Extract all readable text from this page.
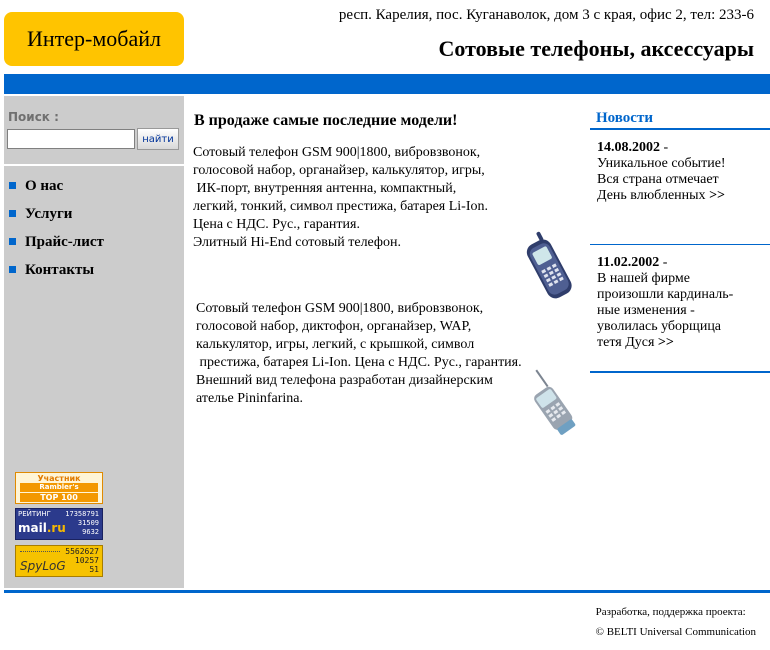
Интер-мобайл
респ. Карелия, пос. Куганаволок, дом 3 с края, офис 2, тел: 233-6
Сотовые телефоны, аксессуары
Поиск :
найти
О нас
Услуги
Прайс-лист
Контакты
Участник
Rambler's
TOP 100
РЕЙТИНГ
mail.ru
17358791
31509
9632
SpyLoG
5562627
10257
51
В продаже самые последние модели!

Сотовый телефон GSM 900|1800, вибровзвонок,

голосовой набор, органайзер, калькулятор, игры,

ИК-порт, внутренняя антенна, компактный,

легкий, тонкий, символ престижа, батарея Li-Ion.

Цена с НДС. Рус., гарантия.

Элитный Hi-End сотовый телефон.

Сотовый телефон GSM 900|1800, вибровзвонок,

голосовой набор, диктофон, органайзер, WAP,

калькулятор, игры, легкий, с крышкой, символ

престижа, батарея Li-Ion. Цена с НДС. Рус., гарантия.

Внешний вид телефона разработан дизайнерским

ателье Pininfarina.

Новости
14.08.2002 -
Уникальное событие!
Вся страна отмечает
День влюбленных >>
11.02.2002 -
В нашей фирме
произошли кардиналь-
ные изменения -
уволилась уборщица
тетя Дуся >>
Разработка, поддержка проекта:
© BELTI Universal Communication
